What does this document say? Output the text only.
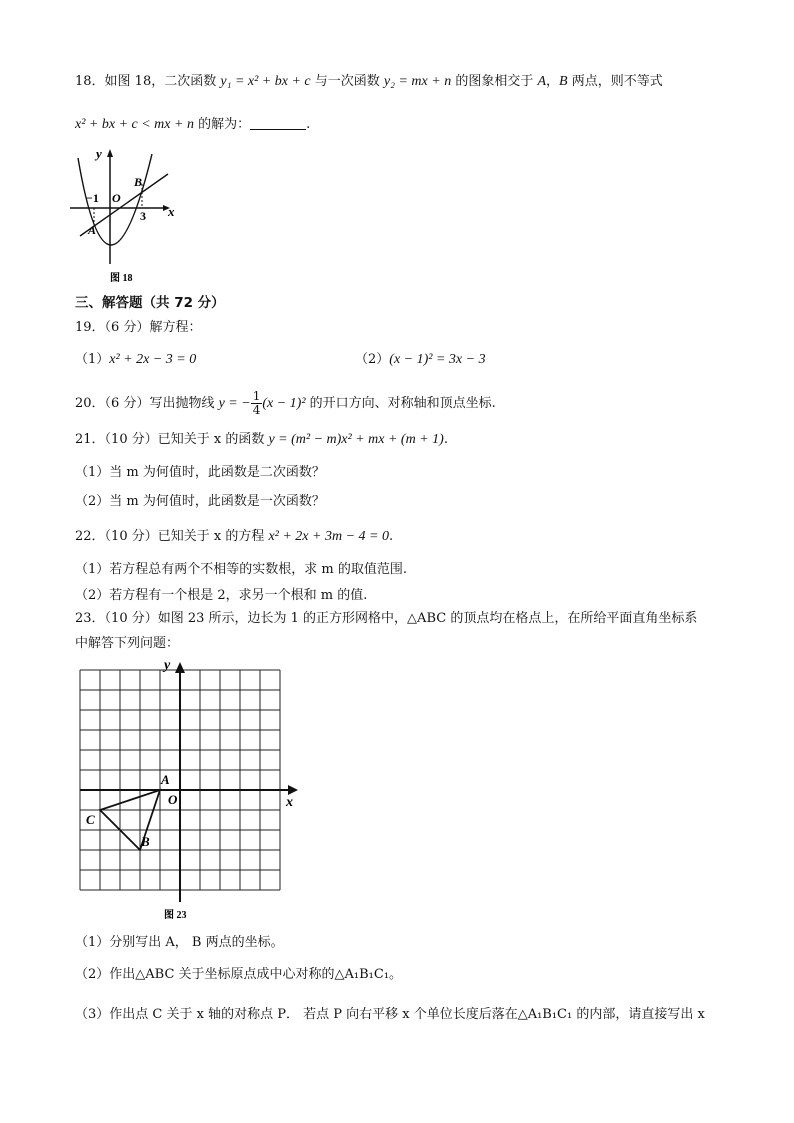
18．如图 18，二次函数 y₁ = x² + bx + c 与一次函数 y₂ = mx + n 的图象相交于 A，B 两点，则不等式
x² + bx + c < mx + n 的解为：	.
y
x
−1 O
3
A
B
图 18
三、解答题（共 72 分）
19．（6 分）解方程：
（1）x² + 2x − 3 = 0	（2）(x − 1)² = 3x − 3
20．（6 分）写出抛物线 y = − $\frac{1}{4} (x - 1)^2$ 的开口方向、对称轴和顶点坐标.
21．（10 分）已知关于 x 的函数 y = (m² − m)x² + mx + (m + 1).
（1）当 m 为何值时，此函数是二次函数？
（2）当 m 为何值时，此函数是一次函数？
22．（10 分）已知关于 x 的方程 x² + 2x + 3m − 4 = 0.
（1）若方程总有两个不相等的实数根，求 m 的取值范围.
（2）若方程有一个根是 2，求另一个根和 m 的值.
23．（10 分）如图 23 所示，边长为 1 的正方形网格中，△ABC 的顶点均在格点上，在所给平面直角坐标系
中解答下列问题：
y
x
O
A
B
C
图 23
（1）分别写出 A， B 两点的坐标。
（2）作出△ABC 关于坐标原点成中心对称的△A₁B₁C₁。
（3）作出点 C 关于 x 轴的对称点 P． 若点 P 向右平移 x 个单位长度后落在△A₁B₁C₁ 的内部，请直接写出 x
